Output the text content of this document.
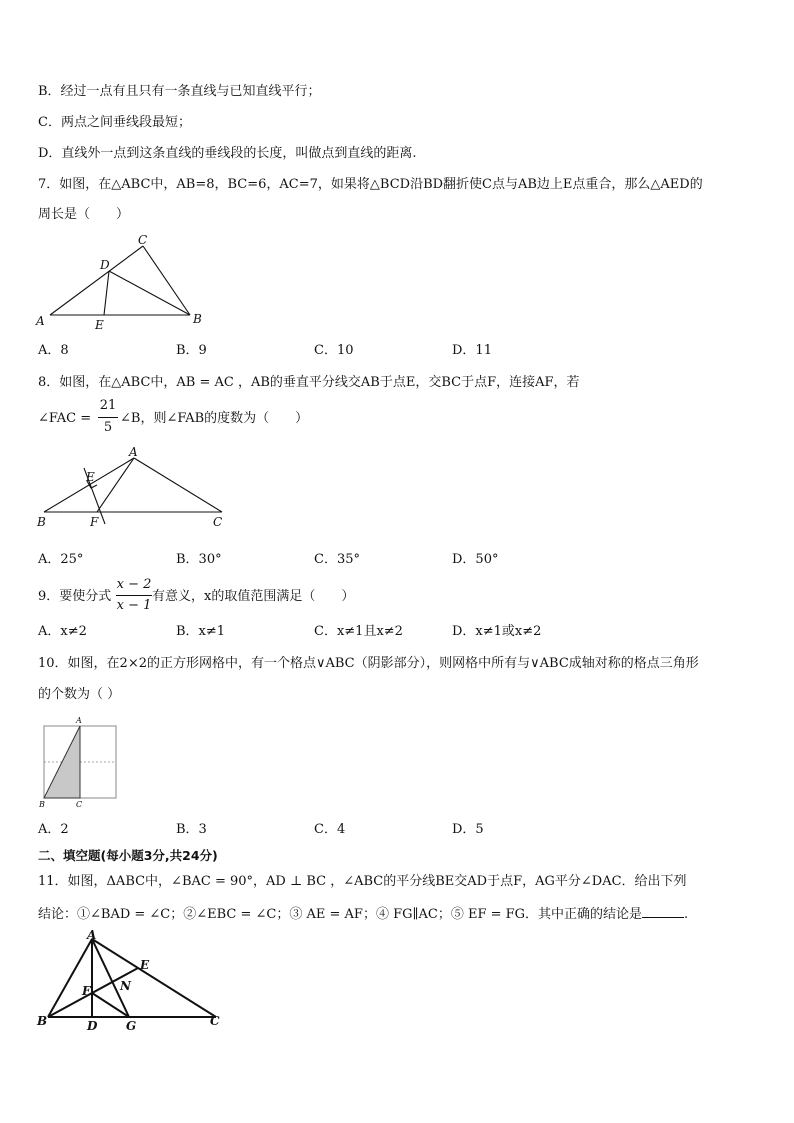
B．经过一点有且只有一条直线与已知直线平行；
C．两点之间垂线段最短；
D．直线外一点到这条直线的垂线段的长度，叫做点到直线的距离.
7．如图，在△ABC中，AB=8，BC=6，AC=7，如果将△BCD沿BD翻折使C点与AB边上E点重合，那么△AED的
周长是（　　）
A	B
C
D
E
A．8	B．9	C．10	D．11
8．如图，在△ABC中，AB = AC ，AB的垂直平分线交AB于点E，交BC于点F，连接AF，若
∠FAC =
21
5
∠B，则∠FAB的度数为（　　）
A
B	C
E
F
A．25°	B．30°	C．35°	D．50°
9．要使分式
x − 2
x − 1
有意义，x的取值范围满足（　　）
A．x≠2	B．x≠1	C．x≠1且x≠2	D．x≠1或x≠2
10．如图，在2×2的正方形网格中，有一个格点∨ABC（阴影部分），则网格中所有与∨ABC成轴对称的格点三角形
的个数为（ ）
A
B	C
A．2	B．3	C．4	D．5
二、填空题(每小题3分,共24分)
11．如图，ΔABC中，∠BAC = 90°，AD ⊥ BC ，∠ABC的平分线BE交AD于点F，AG平分∠DAC．给出下列
结论：①∠BAD = ∠C；②∠EBC = ∠C；③ AE = AF；④ FG∥AC；⑤ EF = FG．其中正确的结论是	.
A
B	C
D
E
F
G
N
